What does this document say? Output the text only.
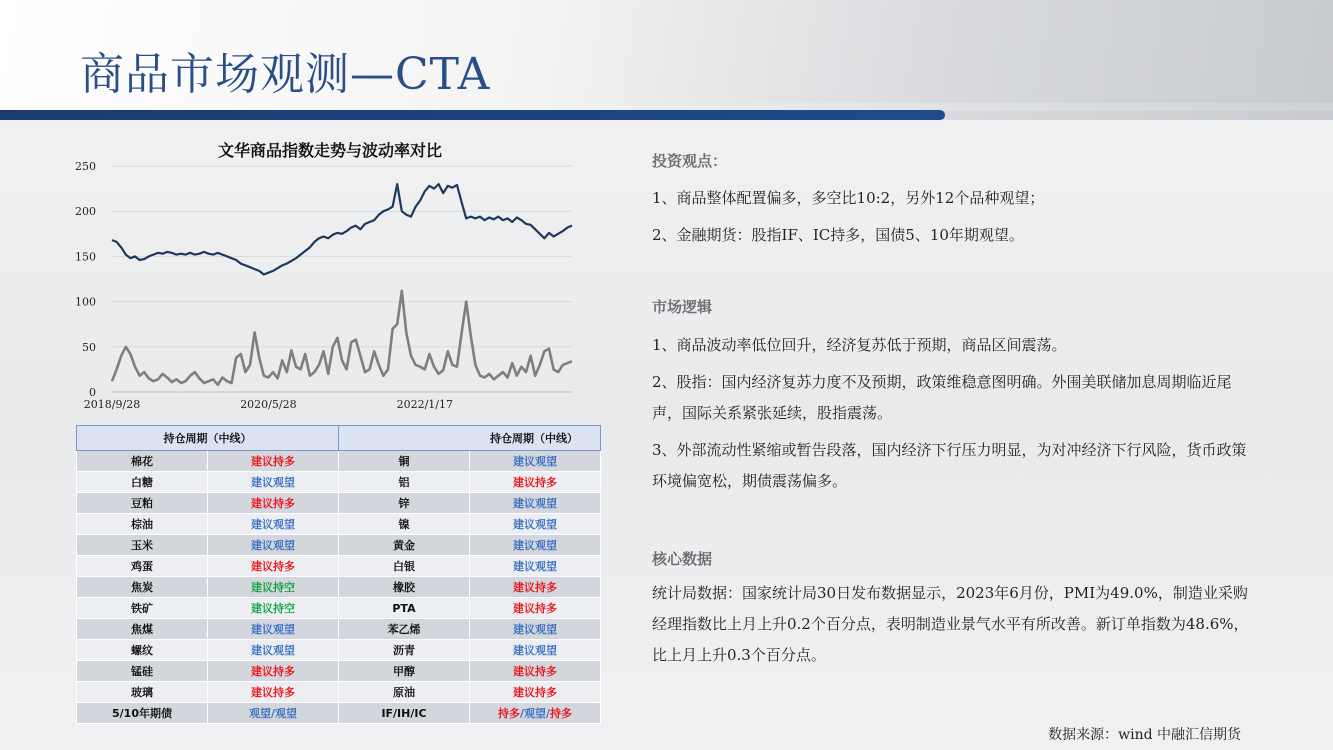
商品市场观测—CTA
文华商品指数走势与波动率对比
0
50
100
150
200
250
2018/9/28	2020/5/28	2022/1/17
持仓周期（中线）		持仓周期（中线）	
棉花	建议持多	铜	建议观望
白糖	建议观望	铝	建议持多
豆粕	建议持多	锌	建议观望
棕油	建议观望	镍	建议观望
玉米	建议观望	黄金	建议观望
鸡蛋	建议持多	白银	建议观望
焦炭	建议持空	橡胶	建议持多
铁矿	建议持空	PTA	建议持多
焦煤	建议观望	苯乙烯	建议观望
螺纹	建议观望	沥青	建议观望
锰硅	建议持多	甲醇	建议持多
玻璃	建议持多	原油	建议持多
5/10年期债	观望/观望	IF/IH/IC	持多/观望/持多
投资观点：
1、商品整体配置偏多，多空比10:2，另外12个品种观望；
2、金融期货：股指IF、IC持多，国债5、10年期观望。
市场逻辑
1、商品波动率低位回升，经济复苏低于预期，商品区间震荡。
2、股指：国内经济复苏力度不及预期，政策维稳意图明确。外围美联储加息周期临近尾声，国际关系紧张延续，股指震荡。
3、外部流动性紧缩或暂告段落，国内经济下行压力明显，为对冲经济下行风险，货币政策环境偏宽松，期债震荡偏多。
核心数据
统计局数据：国家统计局30日发布数据显示，2023年6月份，PMI为49.0%，制造业采购经理指数比上月上升0.2个百分点，表明制造业景气水平有所改善。新订单指数为48.6%，比上月上升0.3个百分点。
数据来源：wind 中融汇信期货
